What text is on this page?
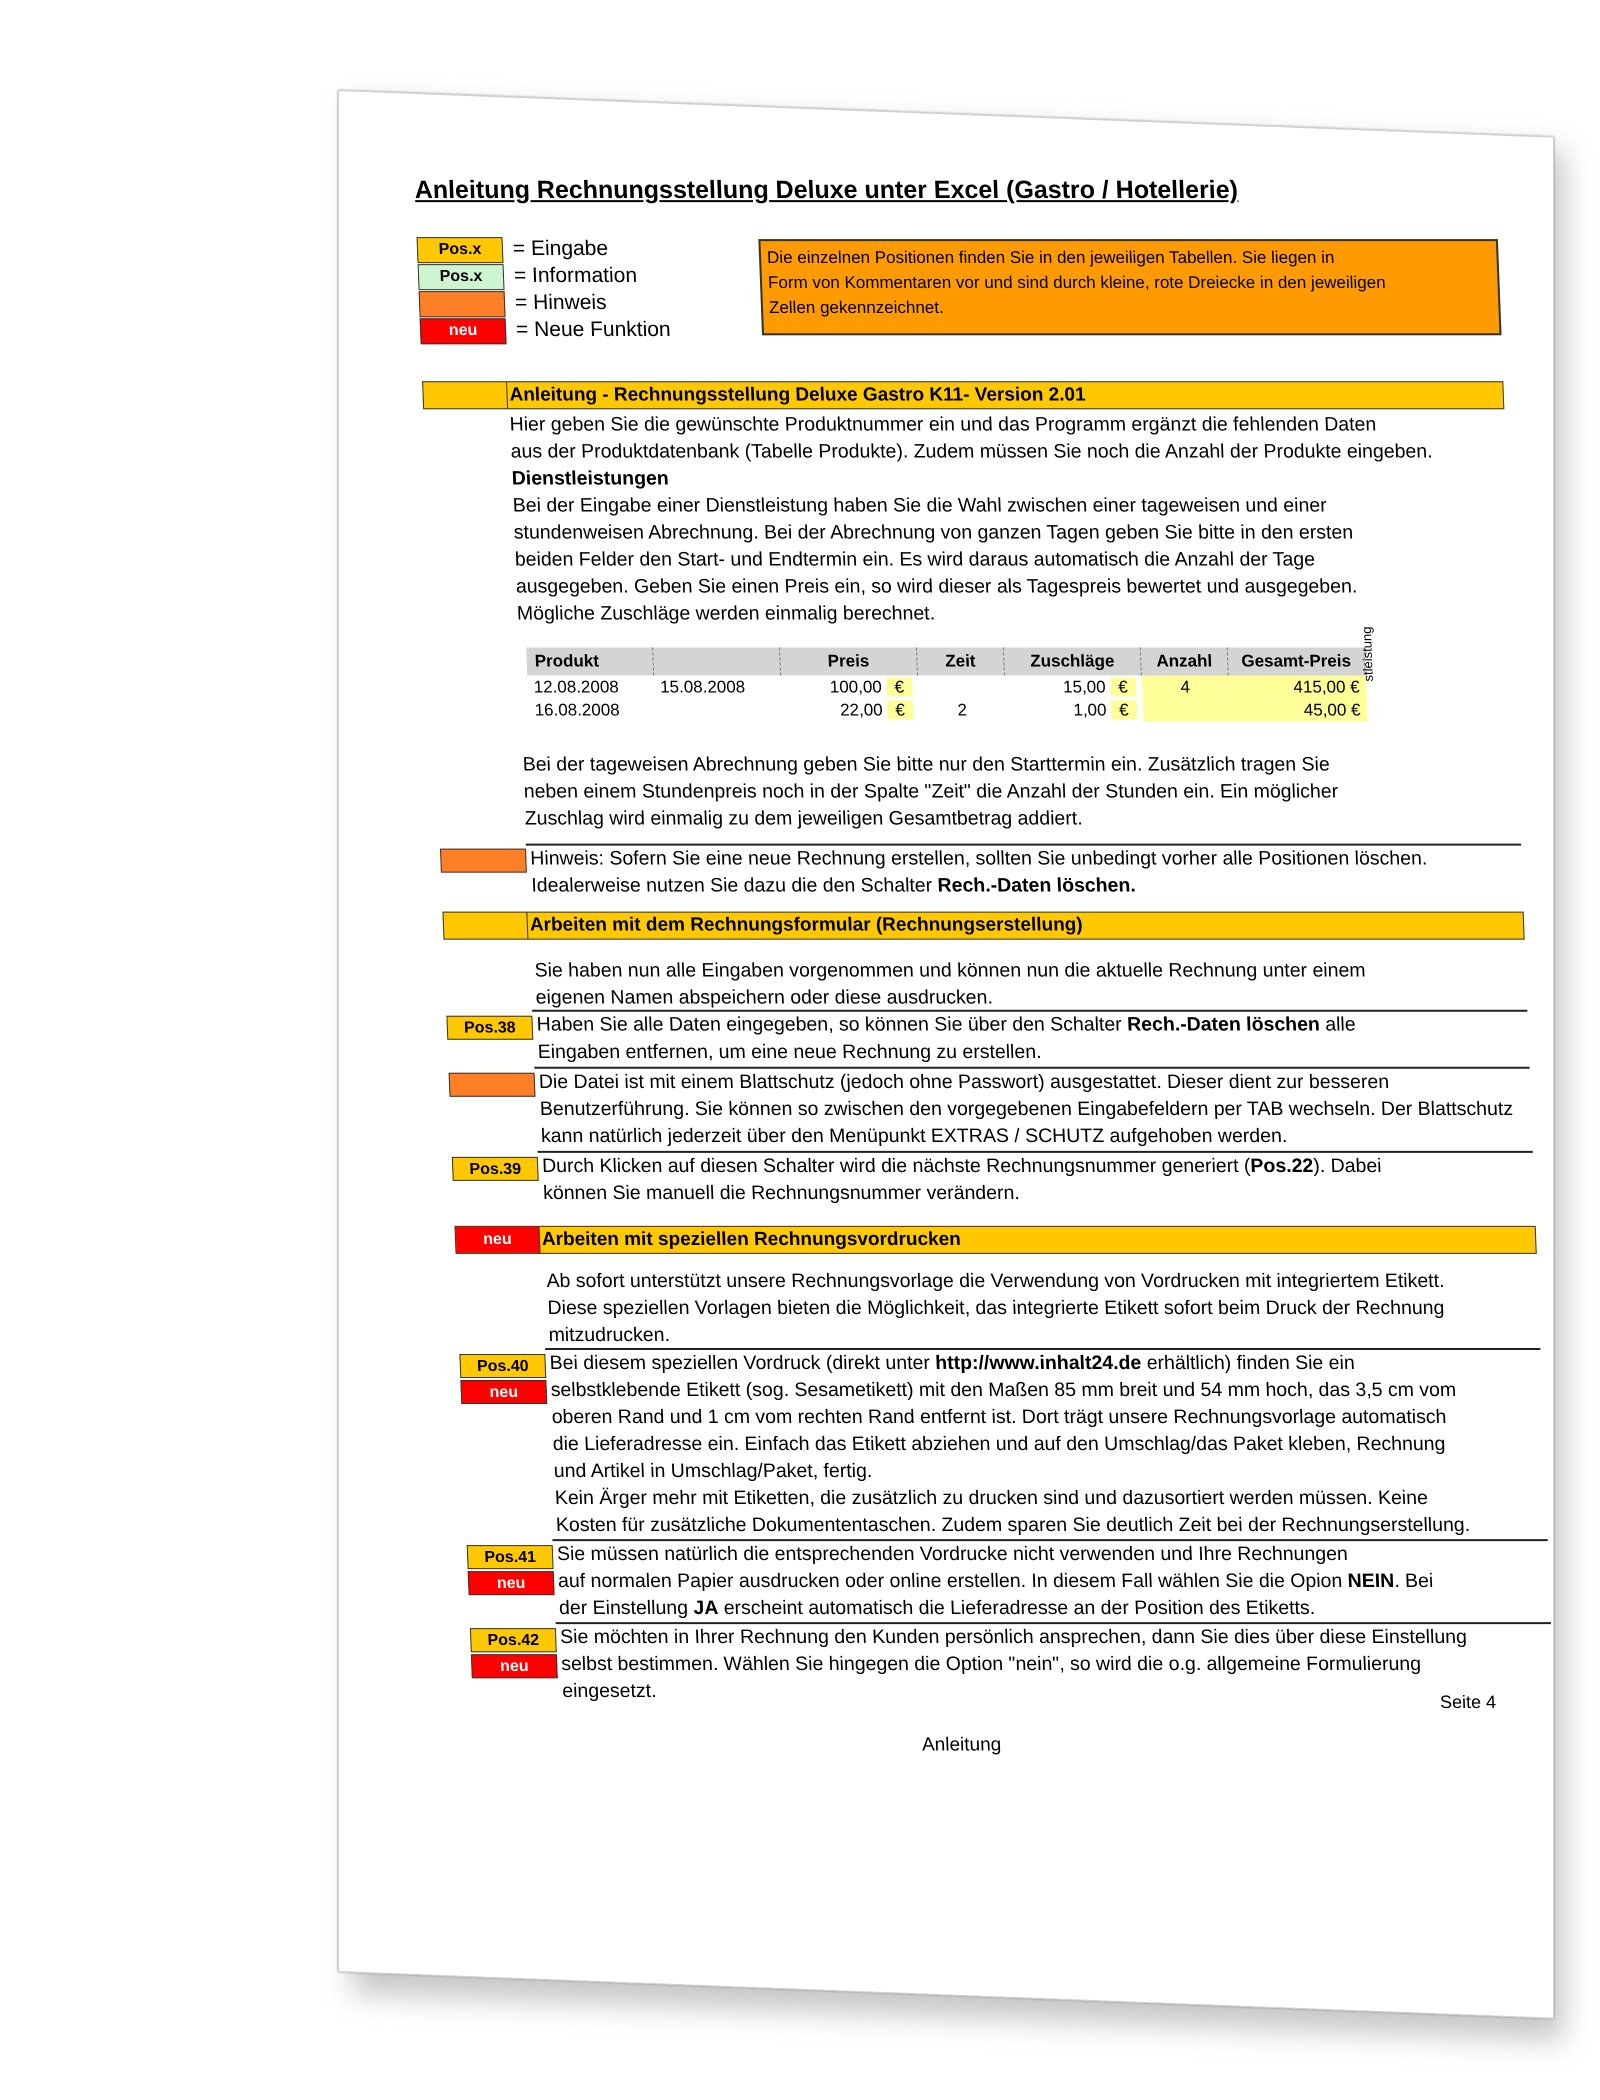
Anleitung Rechnungsstellung Deluxe unter Excel (Gastro / Hotellerie)
Pos.x	= Eingabe
Pos.x	= Information
= Hinweis
neu	= Neue Funktion
Die einzelnen Positionen finden Sie in den jeweiligen Tabellen. Sie liegen in
Form von Kommentaren vor und sind durch kleine, rote Dreiecke in den jeweiligen
Zellen gekennzeichnet.
Anleitung - Rechnungsstellung Deluxe Gastro K11- Version 2.01
Hier geben Sie die gewünschte Produktnummer ein und das Programm ergänzt die fehlenden Daten
aus der Produktdatenbank (Tabelle Produkte). Zudem müssen Sie noch die Anzahl der Produkte eingeben.
Dienstleistungen
Bei der Eingabe einer Dienstleistung haben Sie die Wahl zwischen einer tageweisen und einer
stundenweisen Abrechnung. Bei der Abrechnung von ganzen Tagen geben Sie bitte in den ersten
beiden Felder den Start- und Endtermin ein. Es wird daraus automatisch die Anzahl der Tage
ausgegeben. Geben Sie einen Preis ein, so wird dieser als Tagespreis bewertet und ausgegeben.
Mögliche Zuschläge werden einmalig berechnet.
Produkt		Preis	Zeit	Zuschläge	Anzahl	Gesamt-Preis
12.08.2008	15.08.2008	100,00 €		15,00 €	4	415,00 €
16.08.2008		22,00 €	2	1,00 €		45,00 €
stleistung
Bei der tageweisen Abrechnung geben Sie bitte nur den Starttermin ein. Zusätzlich tragen Sie
neben einem Stundenpreis noch in der Spalte "Zeit" die Anzahl der Stunden ein. Ein möglicher
Zuschlag wird einmalig zu dem jeweiligen Gesamtbetrag addiert.
Hinweis: Sofern Sie eine neue Rechnung erstellen, sollten Sie unbedingt vorher alle Positionen löschen.
Idealerweise nutzen Sie dazu die den Schalter Rech.-Daten löschen.
Arbeiten mit dem Rechnungsformular (Rechnungserstellung)
Sie haben nun alle Eingaben vorgenommen und können nun die aktuelle Rechnung unter einem
eigenen Namen abspeichern oder diese ausdrucken.
Pos.38	Haben Sie alle Daten eingegeben, so können Sie über den Schalter Rech.-Daten löschen alle
Eingaben entfernen, um eine neue Rechnung zu erstellen.
Die Datei ist mit einem Blattschutz (jedoch ohne Passwort) ausgestattet. Dieser dient zur besseren
Benutzerführung. Sie können so zwischen den vorgegebenen Eingabefeldern per TAB wechseln. Der Blattschutz
kann natürlich jederzeit über den Menüpunkt EXTRAS / SCHUTZ aufgehoben werden.
Pos.39	Durch Klicken auf diesen Schalter wird die nächste Rechnungsnummer generiert (Pos.22). Dabei
können Sie manuell die Rechnungsnummer verändern.
neu	Arbeiten mit speziellen Rechnungsvordrucken
Ab sofort unterstützt unsere Rechnungsvorlage die Verwendung von Vordrucken mit integriertem Etikett.
Diese speziellen Vorlagen bieten die Möglichkeit, das integrierte Etikett sofort beim Druck der Rechnung
mitzudrucken.
Pos.40
neu
Bei diesem speziellen Vordruck (direkt unter http://www.inhalt24.de erhältlich) finden Sie ein
selbstklebende Etikett (sog. Sesametikett) mit den Maßen 85 mm breit und 54 mm hoch, das 3,5 cm vom
oberen Rand und 1 cm vom rechten Rand entfernt ist. Dort trägt unsere Rechnungsvorlage automatisch
die Lieferadresse ein. Einfach das Etikett abziehen und auf den Umschlag/das Paket kleben, Rechnung
und Artikel in Umschlag/Paket, fertig.
Kein Ärger mehr mit Etiketten, die zusätzlich zu drucken sind und dazusortiert werden müssen. Keine
Kosten für zusätzliche Dokumententaschen. Zudem sparen Sie deutlich Zeit bei der Rechnungserstellung.
Pos.41
neu
Sie müssen natürlich die entsprechenden Vordrucke nicht verwenden und Ihre Rechnungen
auf normalen Papier ausdrucken oder online erstellen. In diesem Fall wählen Sie die Opion NEIN. Bei
der Einstellung JA erscheint automatisch die Lieferadresse an der Position des Etiketts.
Pos.42
neu
Sie möchten in Ihrer Rechnung den Kunden persönlich ansprechen, dann Sie dies über diese Einstellung
selbst bestimmen. Wählen Sie hingegen die Option "nein", so wird die o.g. allgemeine Formulierung
eingesetzt.
Seite 4
Anleitung
